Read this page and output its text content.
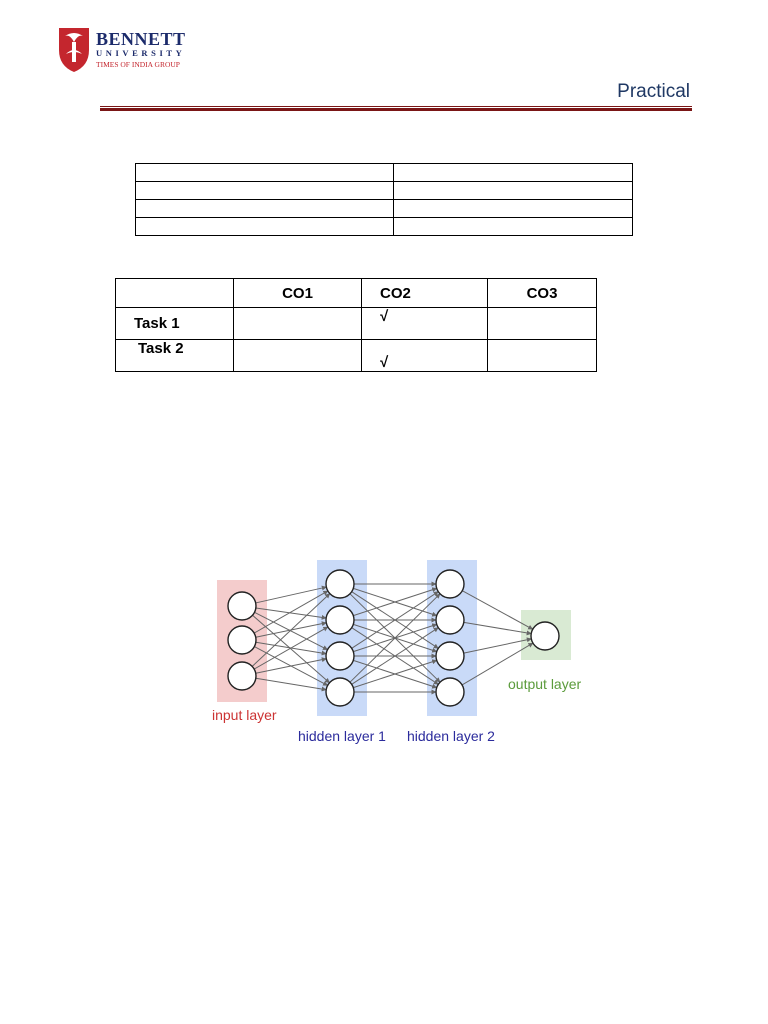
BENNETT
UNIVERSITY
TIMES OF INDIA GROUP
Practical

	CO1	CO2	CO3
Task 1		√	
Task 2		√	
input layer
hidden layer 1 hidden layer 2
output layer
